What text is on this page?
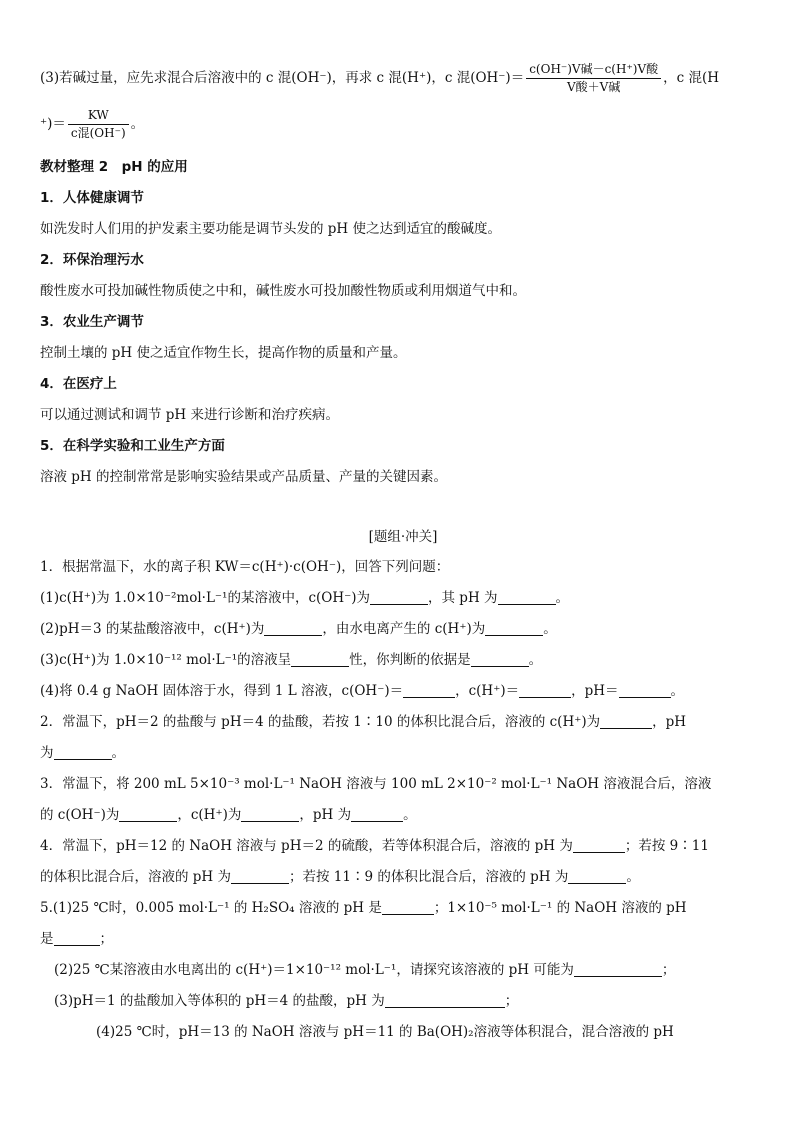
(3)若碱过量，应先求混合后溶液中的 c 混(OH⁻)，再求 c 混(H⁺)，c 混$(OH^-)= \frac{\text{c(OH⁻)V碱－c(H⁺)V酸}}{\text{V酸＋V碱}}$ ，c 混(H
⁺)＝ $\frac{KW}{\text{c混(OH⁻)}}$ 。
教材整理 2　pH 的应用
1．人体健康调节
如洗发时人们用的护发素主要功能是调节头发的 pH 使之达到适宜的酸碱度。
2．环保治理污水
酸性废水可投加碱性物质使之中和，碱性废水可投加酸性物质或利用烟道气中和。
3．农业生产调节
控制土壤的 pH 使之适宜作物生长，提高作物的质量和产量。
4．在医疗上
可以通过测试和调节 pH 来进行诊断和治疗疾病。
5．在科学实验和工业生产方面
溶液 pH 的控制常常是影响实验结果或产品质量、产量的关键因素。
[题组·冲关]
1．根据常温下，水的离子积 KW＝c(H⁺)·c(OH⁻)，回答下列问题：
(1)c(H⁺)为 1.0×10⁻²mol·L⁻¹的某溶液中，c(OH⁻)为	，其 pH 为	。
(2)pH＝3 的某盐酸溶液中，c(H⁺)为	，由水电离产生的 c(H⁺)为	。
(3)c(H⁺)为 1.0×10⁻¹² mol·L⁻¹的溶液呈	性，你判断的依据是	。
(4)将 0.4 g NaOH 固体溶于水，得到 1 L 溶液，c(OH⁻)＝	，c(H⁺)＝	，pH＝	。
2．常温下，pH＝2 的盐酸与 pH＝4 的盐酸，若按 1∶10 的体积比混合后，溶液的 c(H⁺)为	，pH
为	。
3．常温下，将 200 mL 5×10⁻³ mol·L⁻¹ NaOH 溶液与 100 mL 2×10⁻² mol·L⁻¹ NaOH 溶液混合后，溶液
的 c(OH⁻)为	，c(H⁺)为	，pH 为	。
4．常温下，pH＝12 的 NaOH 溶液与 pH＝2 的硫酸，若等体积混合后，溶液的 pH 为	；若按 9∶11
的体积比混合后，溶液的 pH 为	；若按 11∶9 的体积比混合后，溶液的 pH 为	。
5.(1)25 ℃时，0.005 mol·L⁻¹ 的 H₂SO₄ 溶液的 pH 是	；1×10⁻⁵ mol·L⁻¹ 的 NaOH 溶液的 pH
是	；
(2)25 ℃某溶液由水电离出的 c(H⁺)＝1×10⁻¹² mol·L⁻¹，请探究该溶液的 pH 可能为	；
(3)pH＝1 的盐酸加入等体积的 pH＝4 的盐酸，pH 为	；
(4)25 ℃时，pH＝13 的 NaOH 溶液与 pH＝11 的 Ba(OH)₂溶液等体积混合，混合溶液的 pH
